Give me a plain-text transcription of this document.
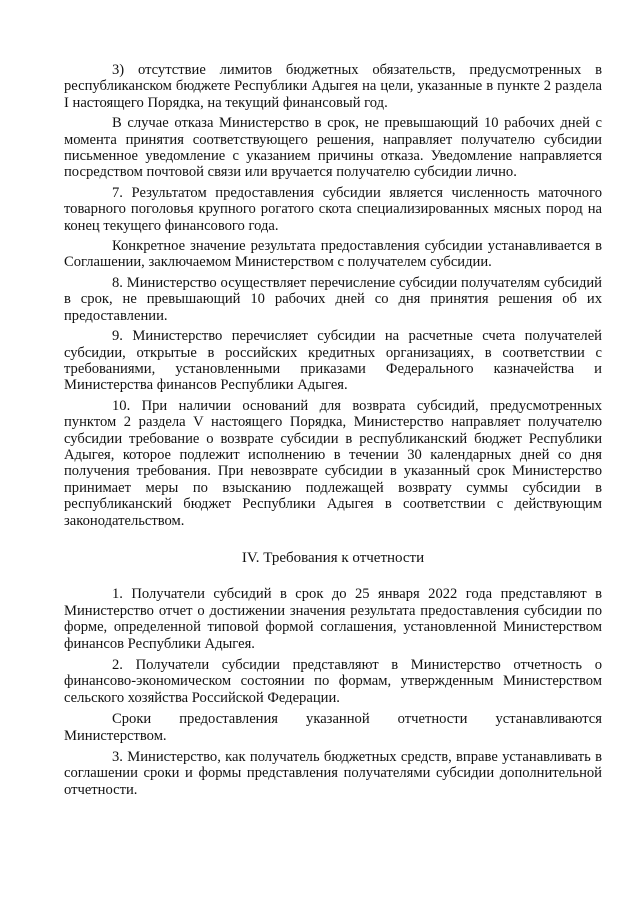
3) отсутствие лимитов бюджетных обязательств, предусмотренных в республиканском бюджете Республики Адыгея на цели, указанные в пункте 2 раздела I настоящего Порядка, на текущий финансовый год.

В случае отказа Министерство в срок, не превышающий 10 рабочих дней с момента принятия соответствующего решения, направляет получателю субсидии письменное уведомление с указанием причины отказа. Уведомление направляется посредством почтовой связи или вручается получателю субсидии лично.

7. Результатом предоставления субсидии является численность маточного товарного поголовья крупного рогатого скота специализированных мясных пород на конец текущего финансового года.

Конкретное значение результата предоставления субсидии устанавливается в Соглашении, заключаемом Министерством с получателем субсидии.

8. Министерство осуществляет перечисление субсидии получателям субсидий в срок, не превышающий 10 рабочих дней со дня принятия решения об их предоставлении.

9. Министерство перечисляет субсидии на расчетные счета получателей субсидии, открытые в российских кредитных организациях, в соответствии с требованиями, установленными приказами Федерального казначейства и Министерства финансов Республики Адыгея.

10. При наличии оснований для возврата субсидий, предусмотренных пунктом 2 раздела V настоящего Порядка, Министерство направляет получателю субсидии требование о возврате субсидии в республиканский бюджет Республики Адыгея, которое подлежит исполнению в течении 30 календарных дней со дня получения требования. При невозврате субсидии в указанный срок Министерство принимает меры по взысканию подлежащей возврату суммы субсидии в республиканский бюджет Республики Адыгея в соответствии с действующим законодательством.

IV. Требования к отчетности

1. Получатели субсидий в срок до 25 января 2022 года представляют в Министерство отчет о достижении значения результата предоставления субсидии по форме, определенной типовой формой соглашения, установленной Министерством финансов Республики Адыгея.

2. Получатели субсидии представляют в Министерство отчетность о финансово-экономическом состоянии по формам, утвержденным Министерством сельского хозяйства Российской Федерации.

Сроки предоставления указанной отчетности устанавливаются Министерством.

3. Министерство, как получатель бюджетных средств, вправе устанавливать в соглашении сроки и формы представления получателями субсидии дополнительной отчетности.
